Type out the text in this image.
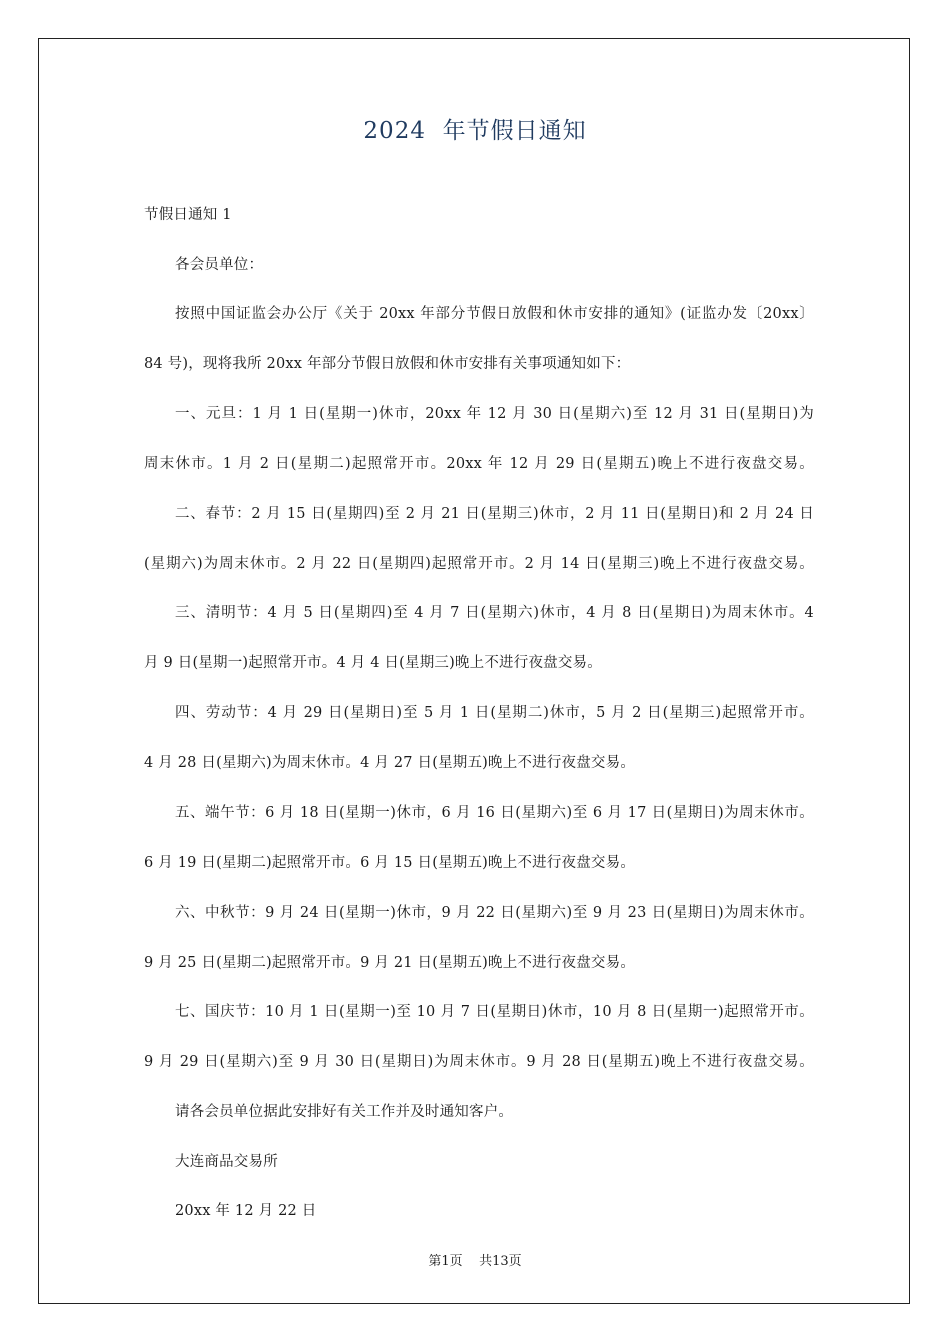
2024  年节假日通知
节假日通知 1
各会员单位：
按照中国证监会办公厅《关于 20xx 年部分节假日放假和休市安排的通知》(证监办发〔20xx〕
84 号)，现将我所 20xx 年部分节假日放假和休市安排有关事项通知如下：
一、元旦：1 月 1 日(星期一)休市，20xx 年 12 月 30 日(星期六)至 12 月 31 日(星期日)为
周末休市。1 月 2 日(星期二)起照常开市。20xx 年 12 月 29 日(星期五)晚上不进行夜盘交易。
二、春节：2 月 15 日(星期四)至 2 月 21 日(星期三)休市，2 月 11 日(星期日)和 2 月 24 日
(星期六)为周末休市。2 月 22 日(星期四)起照常开市。2 月 14 日(星期三)晚上不进行夜盘交易。
三、清明节：4 月 5 日(星期四)至 4 月 7 日(星期六)休市，4 月 8 日(星期日)为周末休市。4
月 9 日(星期一)起照常开市。4 月 4 日(星期三)晚上不进行夜盘交易。
四、劳动节：4 月 29 日(星期日)至 5 月 1 日(星期二)休市，5 月 2 日(星期三)起照常开市。
4 月 28 日(星期六)为周末休市。4 月 27 日(星期五)晚上不进行夜盘交易。
五、端午节：6 月 18 日(星期一)休市，6 月 16 日(星期六)至 6 月 17 日(星期日)为周末休市。
6 月 19 日(星期二)起照常开市。6 月 15 日(星期五)晚上不进行夜盘交易。
六、中秋节：9 月 24 日(星期一)休市，9 月 22 日(星期六)至 9 月 23 日(星期日)为周末休市。
9 月 25 日(星期二)起照常开市。9 月 21 日(星期五)晚上不进行夜盘交易。
七、国庆节：10 月 1 日(星期一)至 10 月 7 日(星期日)休市，10 月 8 日(星期一)起照常开市。
9 月 29 日(星期六)至 9 月 30 日(星期日)为周末休市。9 月 28 日(星期五)晚上不进行夜盘交易。
请各会员单位据此安排好有关工作并及时通知客户。
大连商品交易所
20xx 年 12 月 22 日
第1页    共13页
